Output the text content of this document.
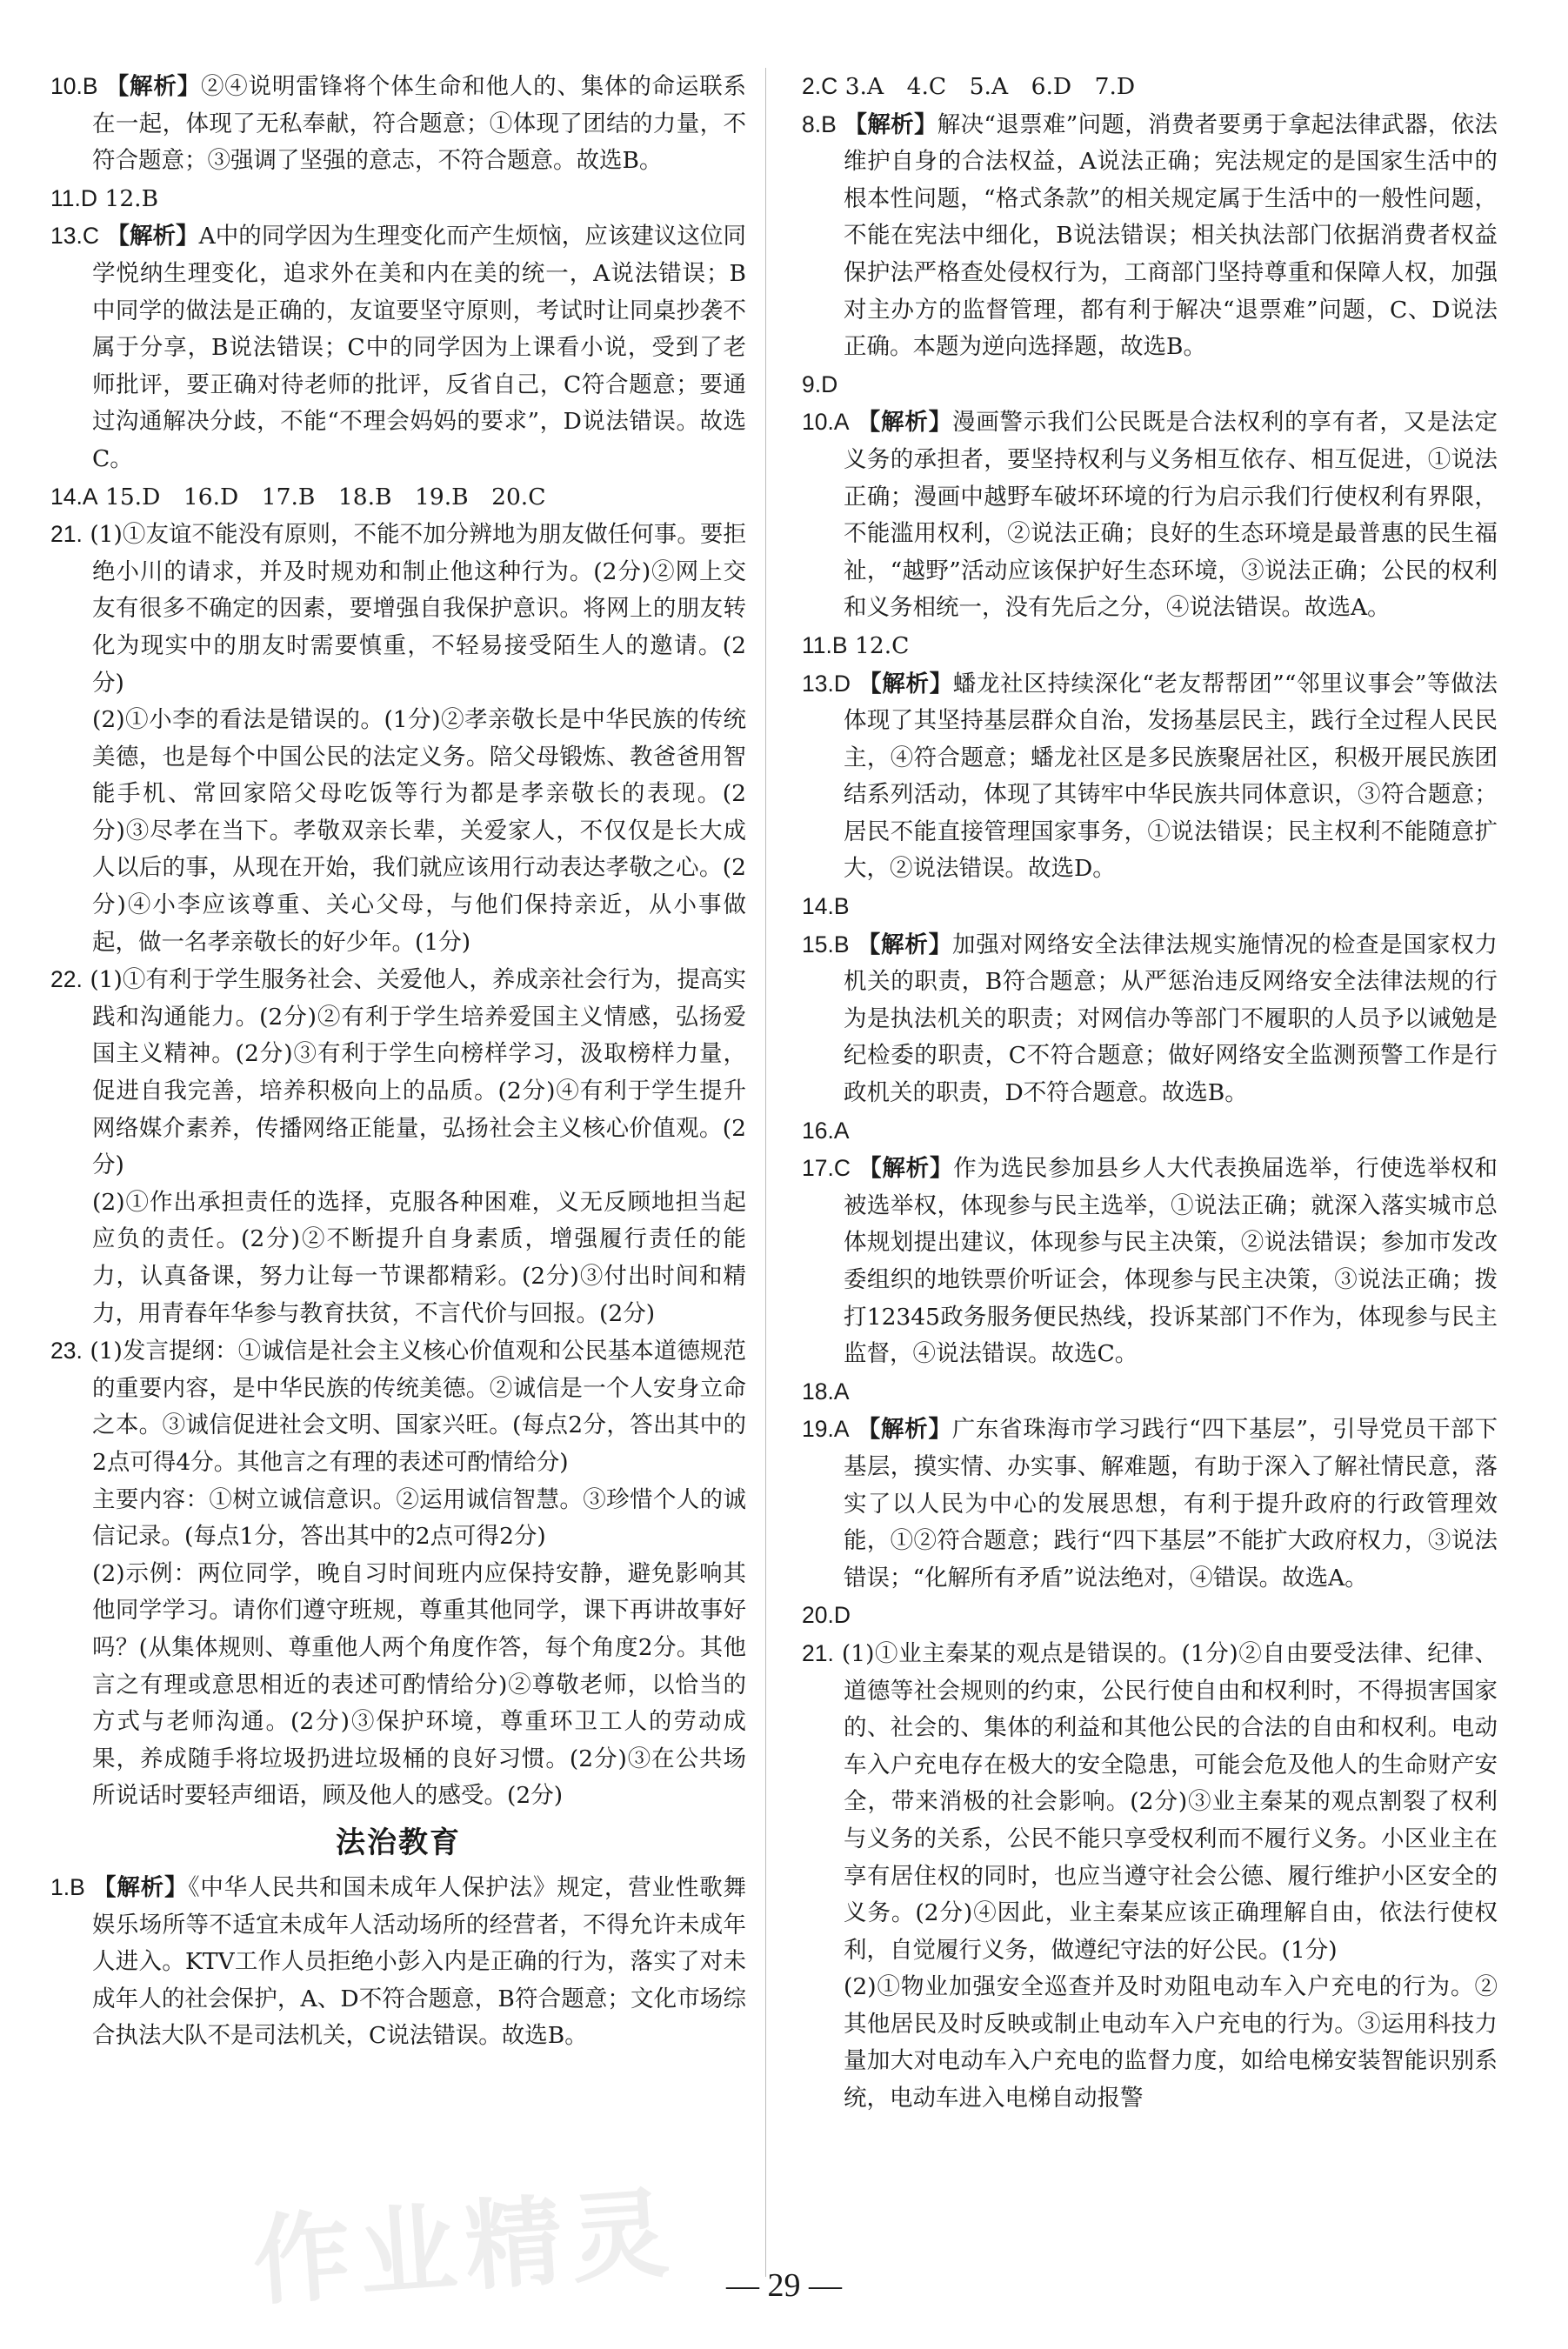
10.B 【解析】②④说明雷锋将个体生命和他人的、集体的命运联系在一起，体现了无私奉献，符合题意；①体现了团结的力量，不符合题意；③强调了坚强的意志，不符合题意。故选B。

11.D 12.B

13.C 【解析】A中的同学因为生理变化而产生烦恼，应该建议这位同学悦纳生理变化，追求外在美和内在美的统一，A说法错误；B中同学的做法是正确的，友谊要坚守原则，考试时让同桌抄袭不属于分享，B说法错误；C中的同学因为上课看小说，受到了老师批评，要正确对待老师的批评，反省自己，C符合题意；要通过沟通解决分歧，不能“不理会妈妈的要求”，D说法错误。故选C。

14.A 15.D　16.D　17.B　18.B　19.B　20.C

21. (1)①友谊不能没有原则，不能不加分辨地为朋友做任何事。要拒绝小川的请求，并及时规劝和制止他这种行为。(2分)②网上交友有很多不确定的因素，要增强自我保护意识。将网上的朋友转化为现实中的朋友时需要慎重，不轻易接受陌生人的邀请。(2分)

(2)①小李的看法是错误的。(1分)②孝亲敬长是中华民族的传统美德，也是每个中国公民的法定义务。陪父母锻炼、教爸爸用智能手机、常回家陪父母吃饭等行为都是孝亲敬长的表现。(2分)③尽孝在当下。孝敬双亲长辈，关爱家人，不仅仅是长大成人以后的事，从现在开始，我们就应该用行动表达孝敬之心。(2分)④小李应该尊重、关心父母，与他们保持亲近，从小事做起，做一名孝亲敬长的好少年。(1分)

22. (1)①有利于学生服务社会、关爱他人，养成亲社会行为，提高实践和沟通能力。(2分)②有利于学生培养爱国主义情感，弘扬爱国主义精神。(2分)③有利于学生向榜样学习，汲取榜样力量，促进自我完善，培养积极向上的品质。(2分)④有利于学生提升网络媒介素养，传播网络正能量，弘扬社会主义核心价值观。(2分)

(2)①作出承担责任的选择，克服各种困难，义无反顾地担当起应负的责任。(2分)②不断提升自身素质，增强履行责任的能力，认真备课，努力让每一节课都精彩。(2分)③付出时间和精力，用青春年华参与教育扶贫，不言代价与回报。(2分)

23. (1)发言提纲：①诚信是社会主义核心价值观和公民基本道德规范的重要内容，是中华民族的传统美德。②诚信是一个人安身立命之本。③诚信促进社会文明、国家兴旺。(每点2分，答出其中的2点可得4分。其他言之有理的表述可酌情给分)

主要内容：①树立诚信意识。②运用诚信智慧。③珍惜个人的诚信记录。(每点1分，答出其中的2点可得2分)

(2)示例：两位同学，晚自习时间班内应保持安静，避免影响其他同学学习。请你们遵守班规，尊重其他同学，课下再讲故事好吗？(从集体规则、尊重他人两个角度作答，每个角度2分。其他言之有理或意思相近的表述可酌情给分)②尊敬老师，以恰当的方式与老师沟通。(2分)③保护环境，尊重环卫工人的劳动成果，养成随手将垃圾扔进垃圾桶的良好习惯。(2分)③在公共场所说话时要轻声细语，顾及他人的感受。(2分)

法治教育

1.B 【解析】《中华人民共和国未成年人保护法》规定，营业性歌舞娱乐场所等不适宜未成年人活动场所的经营者，不得允许未成年人进入。KTV工作人员拒绝小彭入内是正确的行为，落实了对未成年人的社会保护，A、D不符合题意，B符合题意；文化市场综合执法大队不是司法机关，C说法错误。故选B。

2.C 3.A　4.C　5.A　6.D　7.D

8.B 【解析】解决“退票难”问题，消费者要勇于拿起法律武器，依法维护自身的合法权益，A说法正确；宪法规定的是国家生活中的根本性问题，“格式条款”的相关规定属于生活中的一般性问题，不能在宪法中细化，B说法错误；相关执法部门依据消费者权益保护法严格查处侵权行为，工商部门坚持尊重和保障人权，加强对主办方的监督管理，都有利于解决“退票难”问题，C、D说法正确。本题为逆向选择题，故选B。

9.D

10.A 【解析】漫画警示我们公民既是合法权利的享有者，又是法定义务的承担者，要坚持权利与义务相互依存、相互促进，①说法正确；漫画中越野车破坏环境的行为启示我们行使权利有界限，不能滥用权利，②说法正确；良好的生态环境是最普惠的民生福祉，“越野”活动应该保护好生态环境，③说法正确；公民的权利和义务相统一，没有先后之分，④说法错误。故选A。

11.B 12.C

13.D 【解析】蟠龙社区持续深化“老友帮帮团”“邻里议事会”等做法体现了其坚持基层群众自治，发扬基层民主，践行全过程人民民主，④符合题意；蟠龙社区是多民族聚居社区，积极开展民族团结系列活动，体现了其铸牢中华民族共同体意识，③符合题意；居民不能直接管理国家事务，①说法错误；民主权利不能随意扩大，②说法错误。故选D。

14.B

15.B 【解析】加强对网络安全法律法规实施情况的检查是国家权力机关的职责，B符合题意；从严惩治违反网络安全法律法规的行为是执法机关的职责；对网信办等部门不履职的人员予以诫勉是纪检委的职责，C不符合题意；做好网络安全监测预警工作是行政机关的职责，D不符合题意。故选B。

16.A

17.C 【解析】作为选民参加县乡人大代表换届选举，行使选举权和被选举权，体现参与民主选举，①说法正确；就深入落实城市总体规划提出建议，体现参与民主决策，②说法错误；参加市发改委组织的地铁票价听证会，体现参与民主决策，③说法正确；拨打12345政务服务便民热线，投诉某部门不作为，体现参与民主监督，④说法错误。故选C。

18.A

19.A 【解析】广东省珠海市学习践行“四下基层”，引导党员干部下基层，摸实情、办实事、解难题，有助于深入了解社情民意，落实了以人民为中心的发展思想，有利于提升政府的行政管理效能，①②符合题意；践行“四下基层”不能扩大政府权力，③说法错误；“化解所有矛盾”说法绝对，④错误。故选A。

20.D

21. (1)①业主秦某的观点是错误的。(1分)②自由要受法律、纪律、道德等社会规则的约束，公民行使自由和权利时，不得损害国家的、社会的、集体的利益和其他公民的合法的自由和权利。电动车入户充电存在极大的安全隐患，可能会危及他人的生命财产安全，带来消极的社会影响。(2分)③业主秦某的观点割裂了权利与义务的关系，公民不能只享受权利而不履行义务。小区业主在享有居住权的同时，也应当遵守社会公德、履行维护小区安全的义务。(2分)④因此，业主秦某应该正确理解自由，依法行使权利，自觉履行义务，做遵纪守法的好公民。(1分)

(2)①物业加强安全巡查并及时劝阻电动车入户充电的行为。②其他居民及时反映或制止电动车入户充电的行为。③运用科技力量加大对电动车入户充电的监督力度，如给电梯安装智能识别系统，电动车进入电梯自动报警

作业精灵	— 29 —
